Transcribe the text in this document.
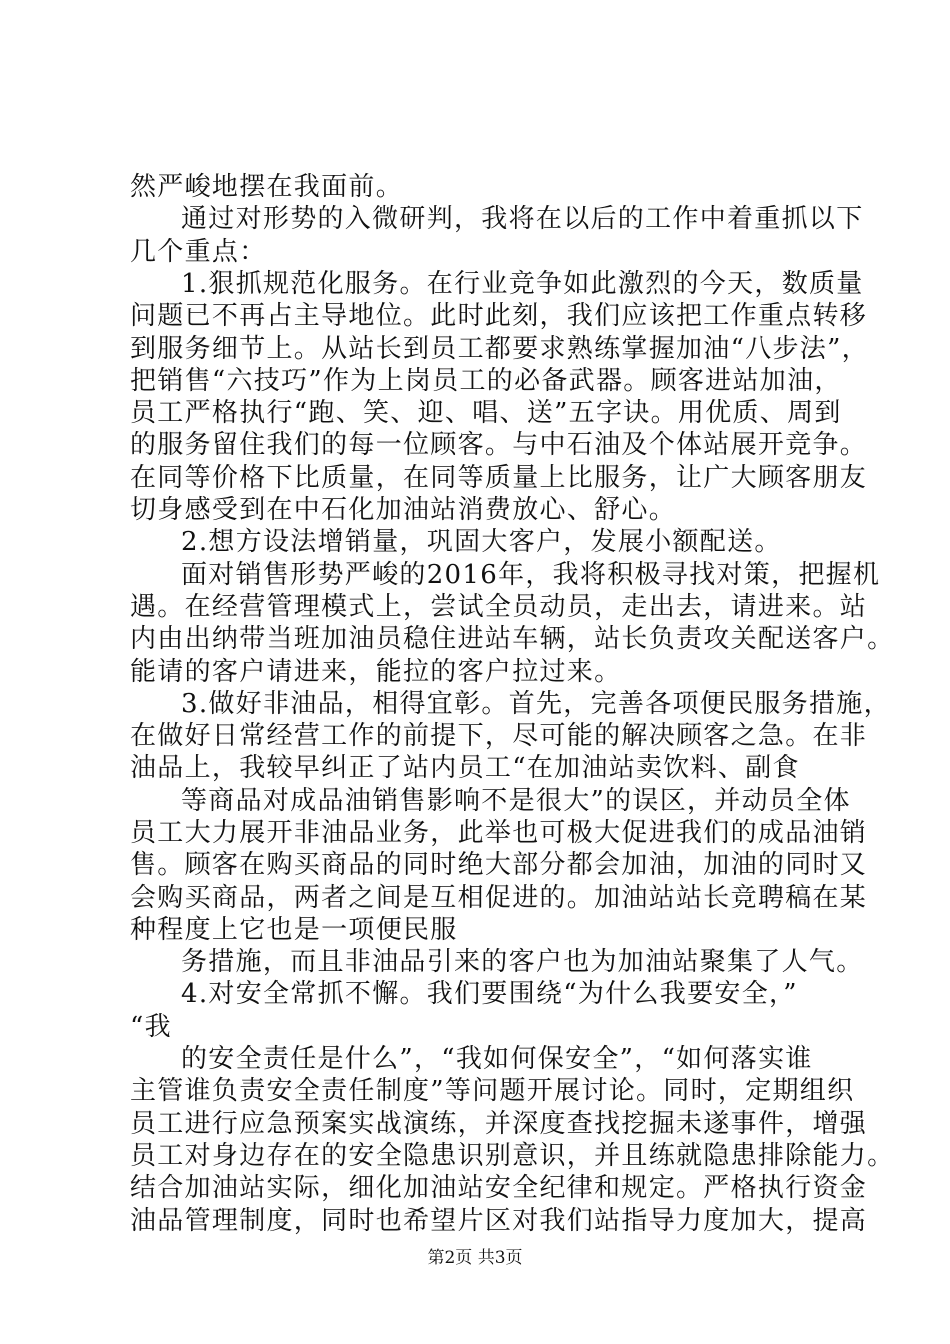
然严峻地摆在我面前。
通过对形势的入微研判，我将在以后的工作中着重抓以下
几个重点：
1.狠抓规范化服务。在行业竞争如此激烈的今天，数质量
问题已不再占主导地位。此时此刻，我们应该把工作重点转移
到服务细节上。从站长到员工都要求熟练掌握加油“八步法”，
把销售“六技巧”作为上岗员工的必备武器。顾客进站加油，
员工严格执行“跑、笑、迎、唱、送”五字诀。用优质、周到
的服务留住我们的每一位顾客。与中石油及个体站展开竞争。
在同等价格下比质量，在同等质量上比服务，让广大顾客朋友
切身感受到在中石化加油站消费放心、舒心。
2.想方设法增销量，巩固大客户，发展小额配送。
面对销售形势严峻的2016年，我将积极寻找对策，把握机
遇。在经营管理模式上，尝试全员动员，走出去，请进来。站
内由出纳带当班加油员稳住进站车辆，站长负责攻关配送客户。
能请的客户请进来，能拉的客户拉过来。
3.做好非油品，相得宜彰。首先，完善各项便民服务措施，
在做好日常经营工作的前提下，尽可能的解决顾客之急。在非
油品上，我较早纠正了站内员工“在加油站卖饮料、副食
等商品对成品油销售影响不是很大”的误区，并动员全体
员工大力展开非油品业务，此举也可极大促进我们的成品油销
售。顾客在购买商品的同时绝大部分都会加油，加油的同时又
会购买商品，两者之间是互相促进的。加油站站长竞聘稿在某
种程度上它也是一项便民服
务措施，而且非油品引来的客户也为加油站聚集了人气。
4.对安全常抓不懈。我们要围绕“为什么我要安全，”
“我
的安全责任是什么”，“我如何保安全”，“如何落实谁
主管谁负责安全责任制度”等问题开展讨论。同时，定期组织
员工进行应急预案实战演练，并深度查找挖掘未遂事件，增强
员工对身边存在的安全隐患识别意识，并且练就隐患排除能力。
结合加油站实际，细化加油站安全纪律和规定。严格执行资金
油品管理制度，同时也希望片区对我们站指导力度加大，提高
第2页 共3页
